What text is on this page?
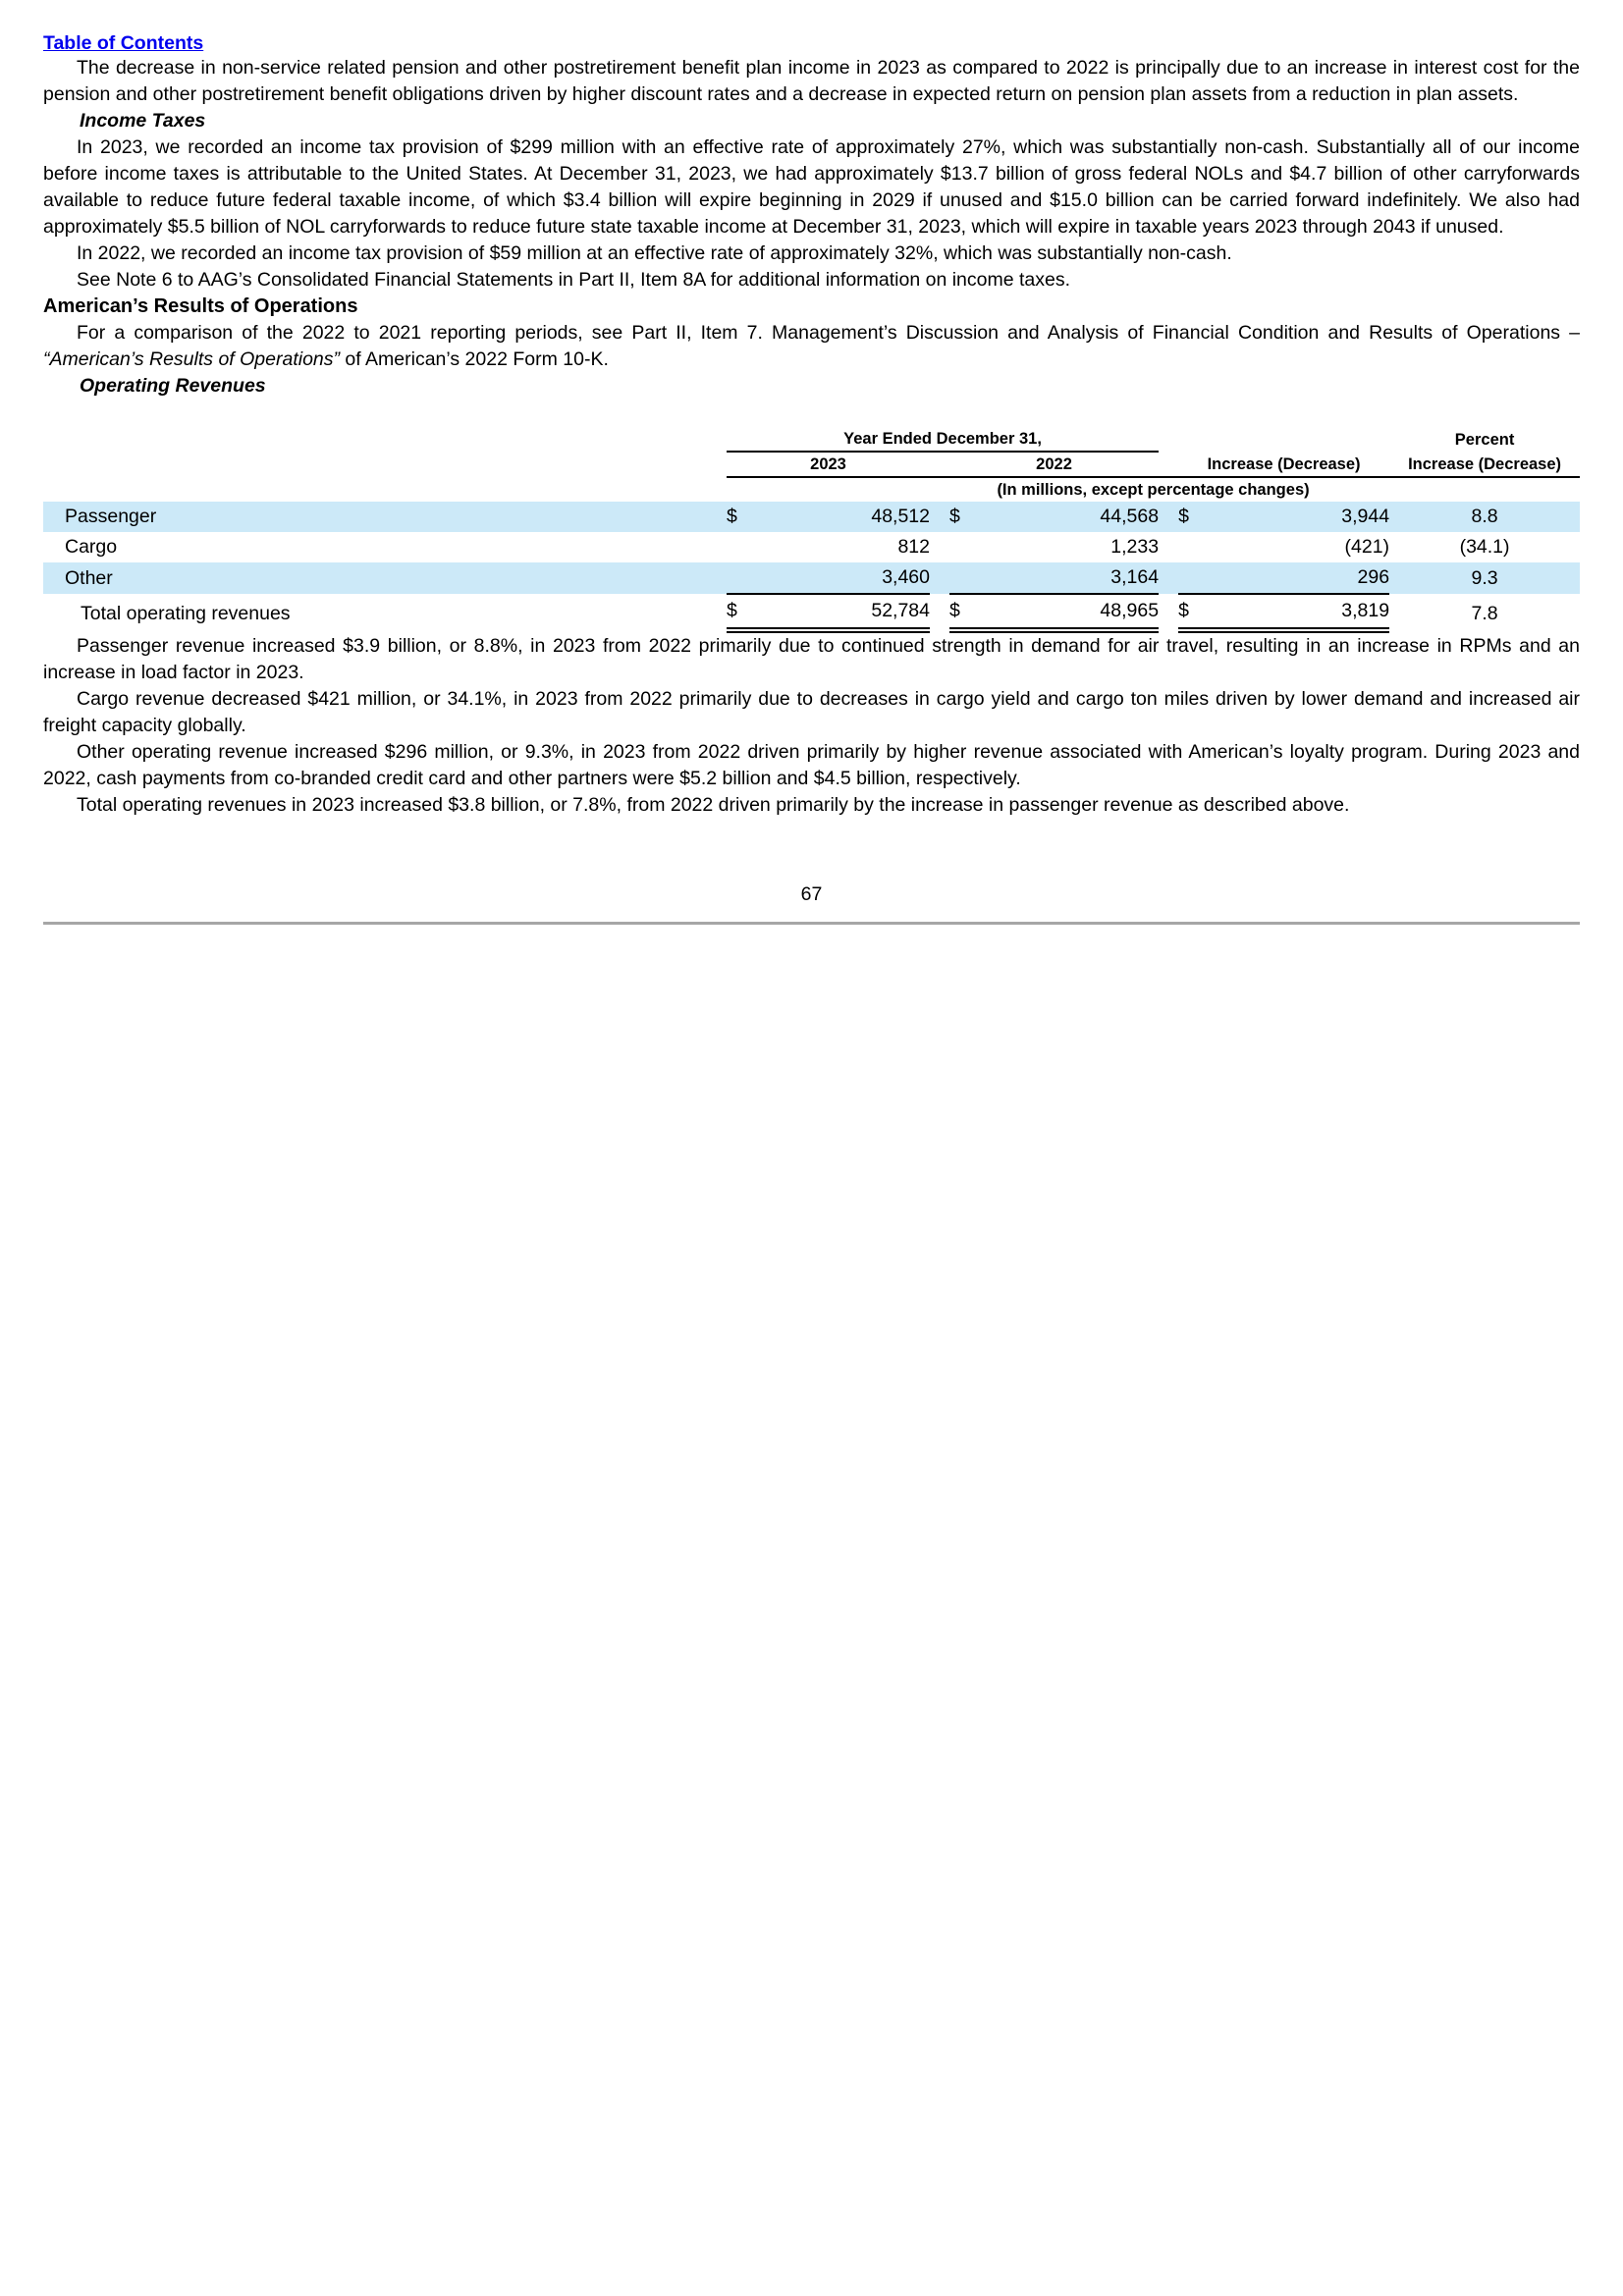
Table of Contents

The decrease in non-service related pension and other postretirement benefit plan income in 2023 as compared to 2022 is principally due to an increase in interest cost for the pension and other postretirement benefit obligations driven by higher discount rates and a decrease in expected return on pension plan assets from a reduction in plan assets.

Income Taxes

In 2023, we recorded an income tax provision of $299 million with an effective rate of approximately 27%, which was substantially non-cash. Substantially all of our income before income taxes is attributable to the United States. At December 31, 2023, we had approximately $13.7 billion of gross federal NOLs and $4.7 billion of other carryforwards available to reduce future federal taxable income, of which $3.4 billion will expire beginning in 2029 if unused and $15.0 billion can be carried forward indefinitely. We also had approximately $5.5 billion of NOL carryforwards to reduce future state taxable income at December 31, 2023, which will expire in taxable years 2023 through 2043 if unused.

In 2022, we recorded an income tax provision of $59 million at an effective rate of approximately 32%, which was substantially non-cash.

See Note 6 to AAG’s Consolidated Financial Statements in Part II, Item 8A for additional information on income taxes.

American’s Results of Operations

For a comparison of the 2022 to 2021 reporting periods, see Part II, Item 7. Management’s Discussion and Analysis of Financial Condition and Results of Operations – “American’s Results of Operations” of American’s 2022 Form 10-K.

Operating Revenues
	Year Ended December 31,								Percent
	2023			2022			Increase (Decrease)		Increase (Decrease)
	(In millions, except percentage changes)								
Passenger	$	48,512		$	44,568		$	3,944	8.8
Cargo		812			1,233			(421)	(34.1)
Other		3,460			3,164			296	9.3
Total operating revenues	$	52,784		$	48,965		$	3,819	7.8

Passenger revenue increased $3.9 billion, or 8.8%, in 2023 from 2022 primarily due to continued strength in demand for air travel, resulting in an increase in RPMs and an increase in load factor in 2023.

Cargo revenue decreased $421 million, or 34.1%, in 2023 from 2022 primarily due to decreases in cargo yield and cargo ton miles driven by lower demand and increased air freight capacity globally.

Other operating revenue increased $296 million, or 9.3%, in 2023 from 2022 driven primarily by higher revenue associated with American’s loyalty program. During 2023 and 2022, cash payments from co-branded credit card and other partners were $5.2 billion and $4.5 billion, respectively.

Total operating revenues in 2023 increased $3.8 billion, or 7.8%, from 2022 driven primarily by the increase in passenger revenue as described above.

67
